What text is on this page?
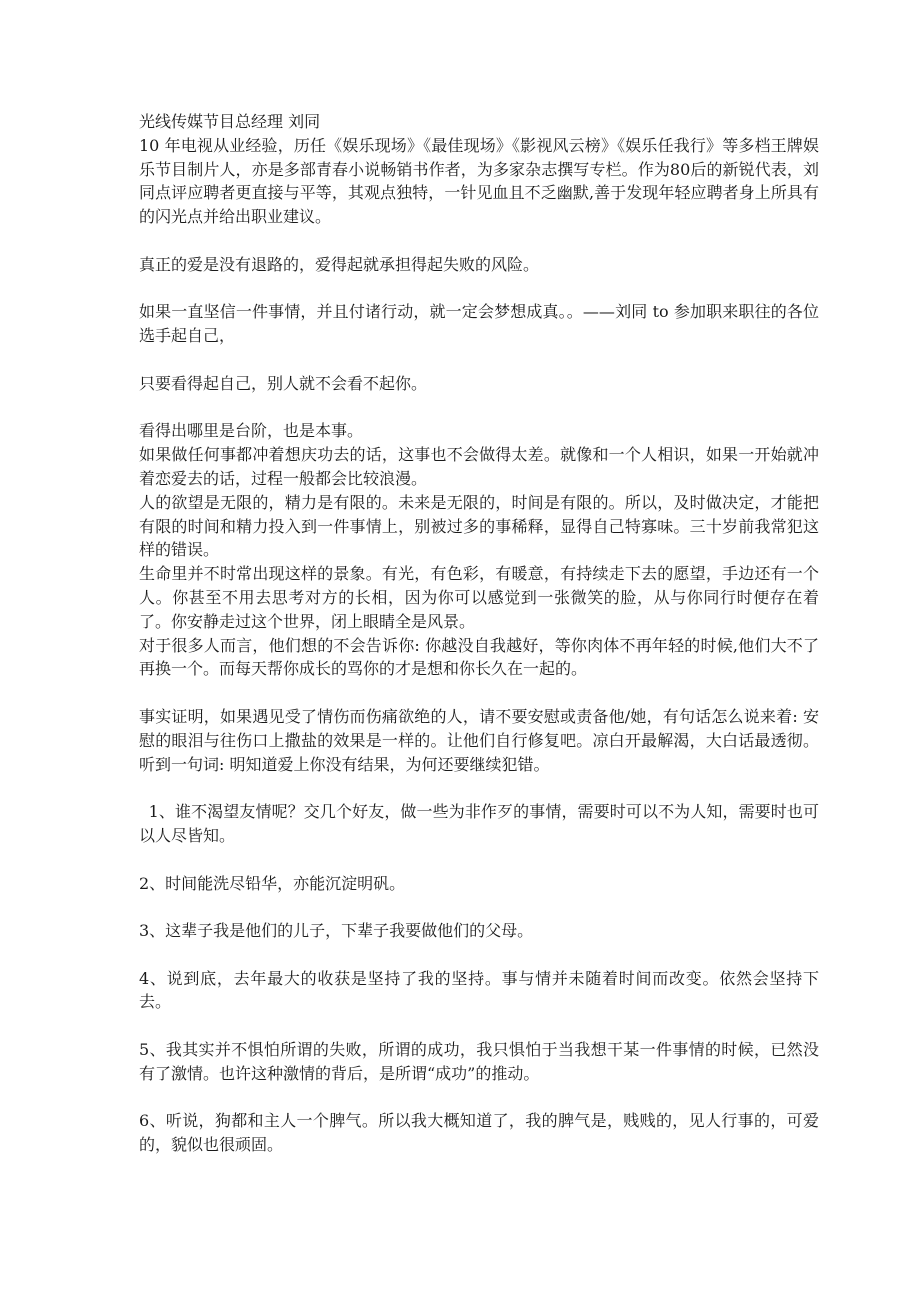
光线传媒节目总经理 刘同

10 年电视从业经验，历任《娱乐现场》《最佳现场》《影视风云榜》《娱乐任我行》等多档王牌娱乐节目制片人，亦是多部青春小说畅销书作者，为多家杂志撰写专栏。作为80后的新锐代表，刘同点评应聘者更直接与平等，其观点独特，一针见血且不乏幽默,善于发现年轻应聘者身上所具有的闪光点并给出职业建议。

真正的爱是没有退路的，爱得起就承担得起失败的风险。

如果一直坚信一件事情，并且付诸行动，就一定会梦想成真。。——刘同 to 参加职来职往的各位选手起自己，

只要看得起自己，别人就不会看不起你。

看得出哪里是台阶，也是本事。

如果做任何事都冲着想庆功去的话，这事也不会做得太差。就像和一个人相识，如果一开始就冲着恋爱去的话，过程一般都会比较浪漫。

人的欲望是无限的，精力是有限的。未来是无限的，时间是有限的。所以，及时做决定，才能把有限的时间和精力投入到一件事情上，别被过多的事稀释，显得自己特寡味。三十岁前我常犯这样的错误。

生命里并不时常出现这样的景象。有光，有色彩，有暖意，有持续走下去的愿望，手边还有一个人。你甚至不用去思考对方的长相，因为你可以感觉到一张微笑的脸，从与你同行时便存在着了。你安静走过这个世界，闭上眼睛全是风景。

对于很多人而言，他们想的不会告诉你: 你越没自我越好，等你肉体不再年轻的时候,他们大不了再换一个。而每天帮你成长的骂你的才是想和你长久在一起的。

事实证明，如果遇见受了情伤而伤痛欲绝的人，请不要安慰或责备他/她，有句话怎么说来着: 安慰的眼泪与往伤口上撒盐的效果是一样的。让他们自行修复吧。凉白开最解渴，大白话最透彻。听到一句词: 明知道爱上你没有结果，为何还要继续犯错。

1、谁不渴望友情呢？交几个好友，做一些为非作歹的事情，需要时可以不为人知，需要时也可以人尽皆知。

2、时间能洗尽铅华，亦能沉淀明矾。

3、这辈子我是他们的儿子，下辈子我要做他们的父母。

4、说到底，去年最大的收获是坚持了我的坚持。事与情并未随着时间而改变。依然会坚持下去。

5、我其实并不惧怕所谓的失败，所谓的成功，我只惧怕于当我想干某一件事情的时候，已然没有了激情。也许这种激情的背后，是所谓“成功”的推动。

6、听说，狗都和主人一个脾气。所以我大概知道了，我的脾气是，贱贱的，见人行事的，可爱的，貌似也很顽固。
